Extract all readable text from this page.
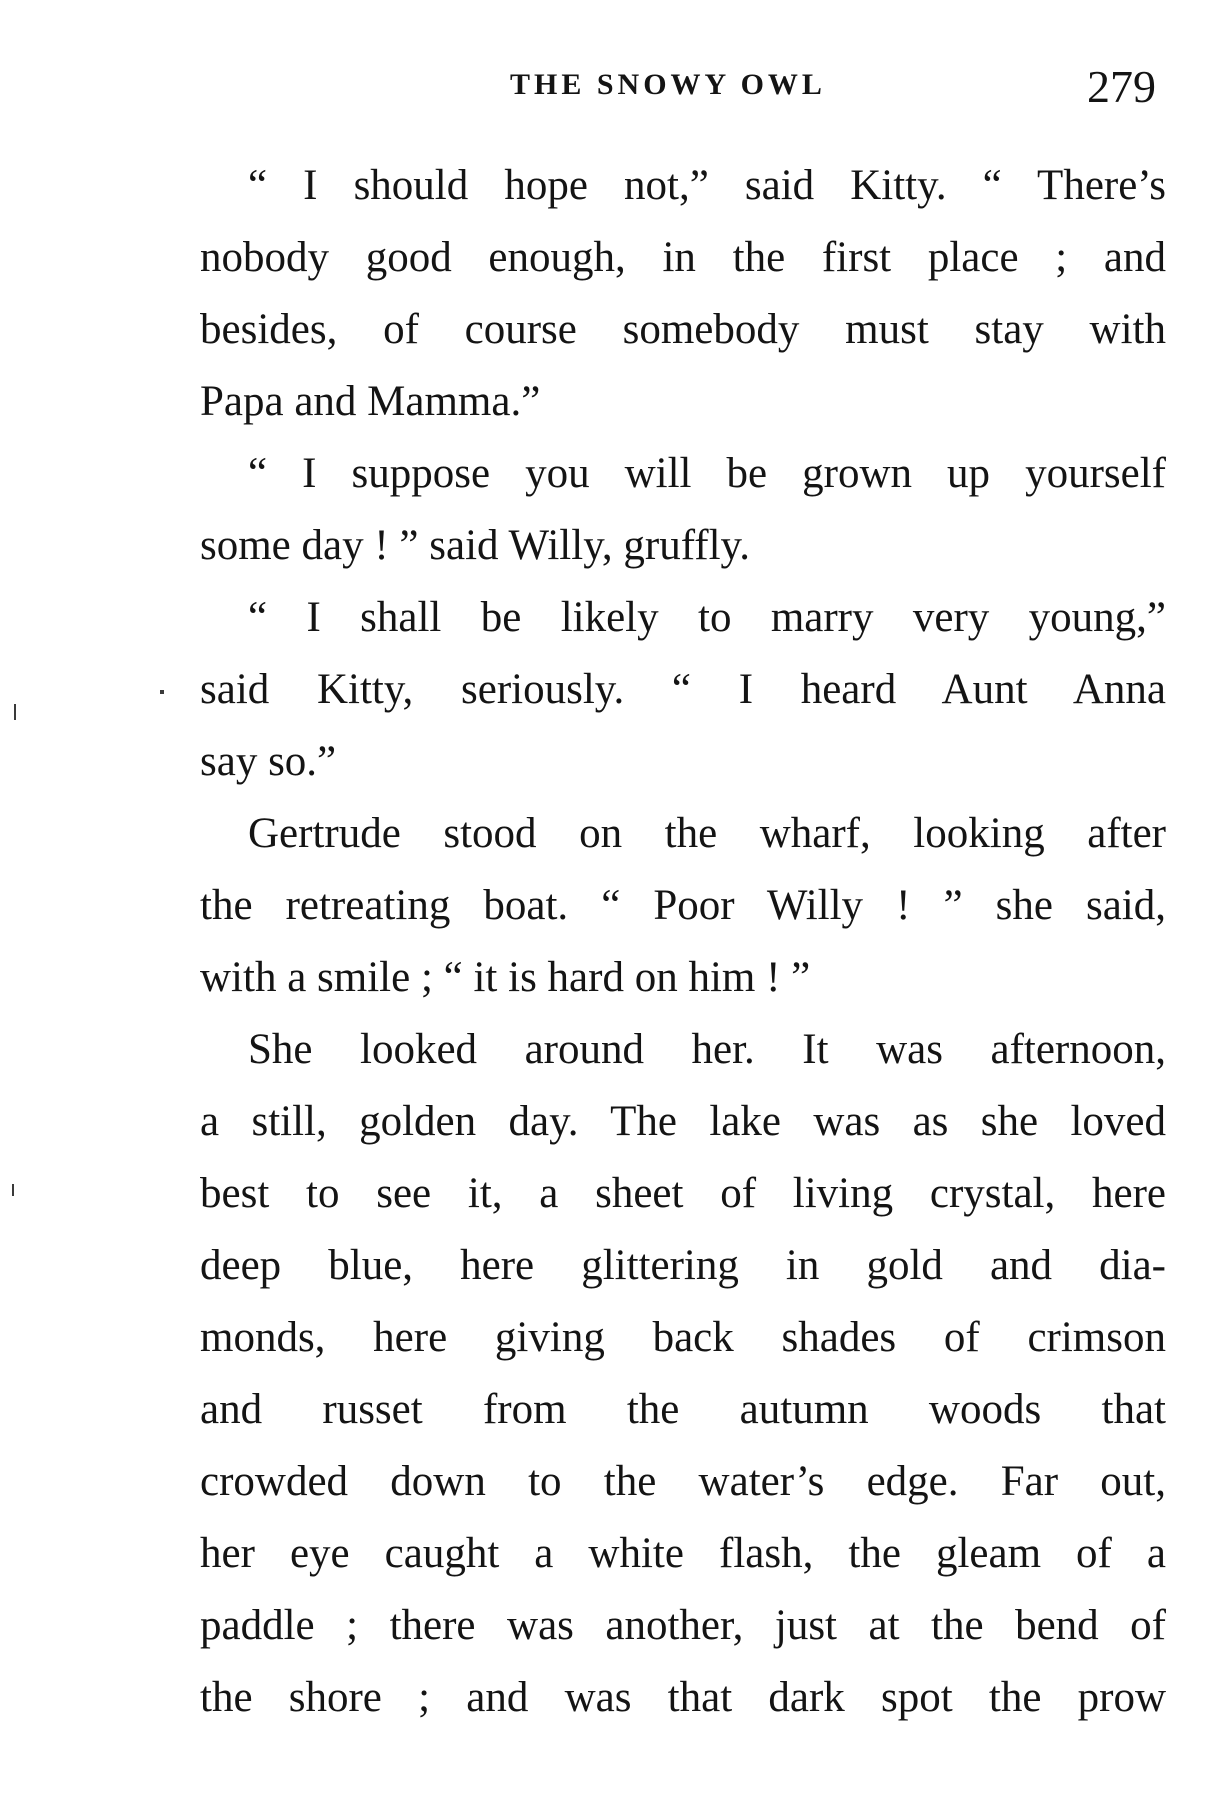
THE SNOWY OWL	279
“ I should hope not,” said Kitty. “ There’s
nobody good enough, in the first place ; and
besides, of course somebody must stay with
Papa and Mamma.”
“ I suppose you will be grown up yourself
some day ! ” said Willy, gruffly.
“ I shall be likely to marry very young,”
said Kitty, seriously. “ I heard Aunt Anna
say so.”
Gertrude stood on the wharf, looking after
the retreating boat. “ Poor Willy ! ” she said,
with a smile ; “ it is hard on him ! ”
She looked around her. It was afternoon,
a still, golden day. The lake was as she loved
best to see it, a sheet of living crystal, here
deep blue, here glittering in gold and dia-
monds, here giving back shades of crimson
and russet from the autumn woods that
crowded down to the water’s edge. Far out,
her eye caught a white flash, the gleam of a
paddle ; there was another, just at the bend of
the shore ; and was that dark spot the prow
